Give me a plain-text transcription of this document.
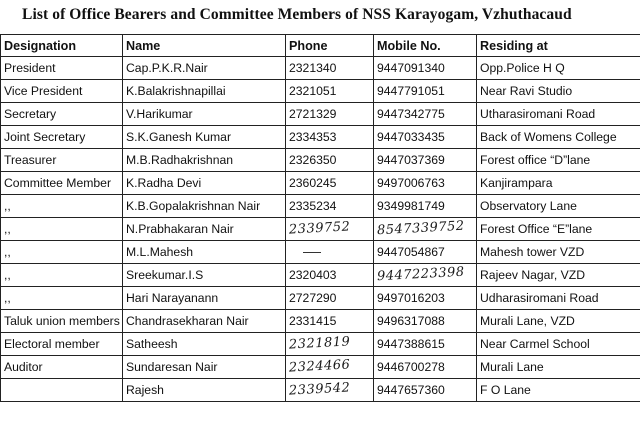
List of Office Bearers and Committee Members of NSS Karayogam, Vzhuthacaud
Designation	Name	Phone	Mobile No.	Residing at
President	Cap.P.K.R.Nair	2321340	9447091340	Opp.Police H Q
Vice President	K.Balakrishnapillai	2321051	9447791051	Near Ravi Studio
Secretary	V.Harikumar	2721329	9447342775	Utharasiromani Road
Joint Secretary	S.K.Ganesh Kumar	2334353	9447033435	Back of Womens College
Treasurer	M.B.Radhakrishnan	2326350	9447037369	Forest office “D”lane
Committee Member	K.Radha Devi	2360245	9497006763	Kanjirampara
,,	K.B.Gopalakrishnan Nair	2335234	9349981749	Observatory Lane
,,	N.Prabhakaran Nair	2339752	8547339752	Forest Office “E”lane
,,	M.L.Mahesh		9447054867	Mahesh tower VZD
,,	Sreekumar.I.S	2320403	9447223398	Rajeev Nagar, VZD
,,	Hari Narayanann	2727290	9497016203	Udharasiromani Road
Taluk union members	Chandrasekharan Nair	2331415	9496317088	Murali Lane, VZD
Electoral member	Satheesh	2321819	9447388615	Near Carmel School
Auditor	Sundaresan Nair	2324466	9446700278	Murali Lane
	Rajesh	2339542	9447657360	F O Lane
